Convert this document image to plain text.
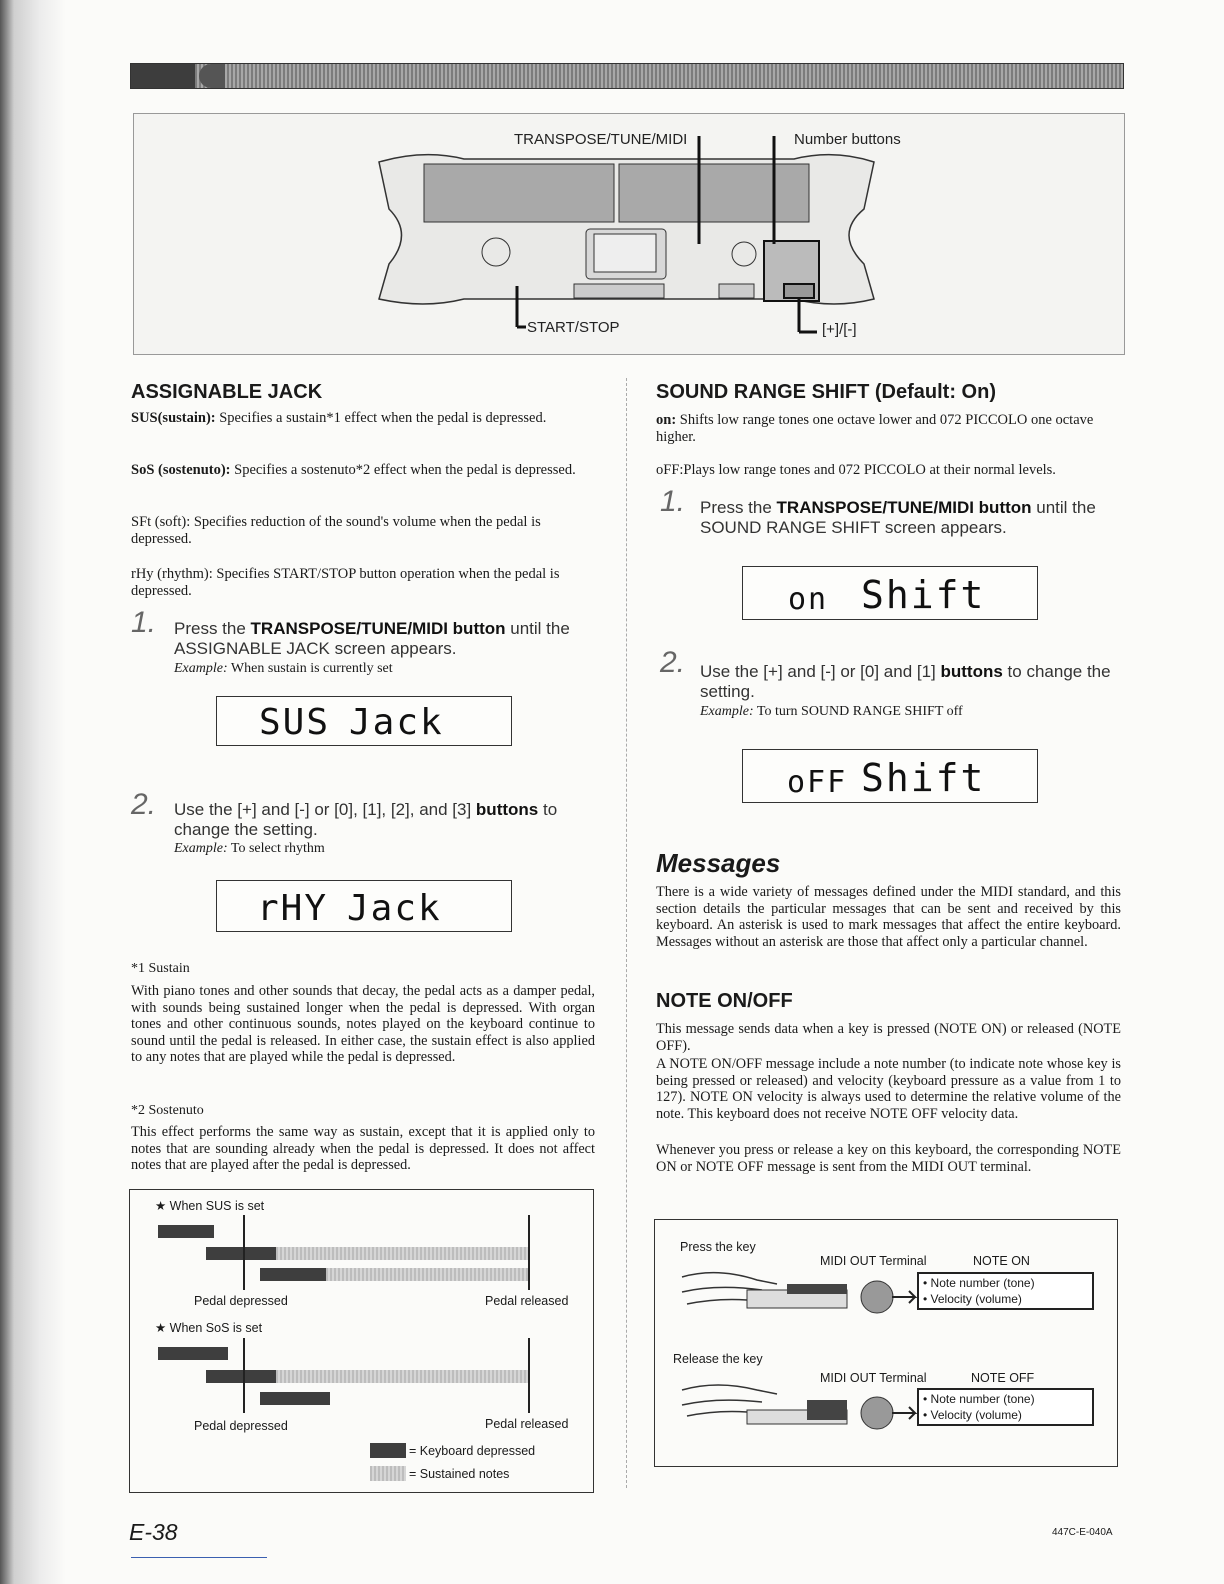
TRANSPOSE/TUNE/MIDI	Number buttons
START/STOP	[+]/[-]
ASSIGNABLE JACK
SUS(sustain): Specifies a sustain*1 effect when the pedal is depressed.
SoS (sostenuto): Specifies a sostenuto*2 effect when the pedal is depressed.
SFt (soft): Specifies reduction of the sound's volume when the pedal is depressed.
rHy (rhythm): Specifies START/STOP button operation when the pedal is depressed.
1. Press the TRANSPOSE/TUNE/MIDI button until the ASSIGNABLE JACK screen appears.
Example: When sustain is currently set
SUS Jack
2. Use the [+] and [-] or [0], [1], [2], and [3] buttons to change the setting.
Example: To select rhythm
rHY Jack
*1 Sustain
With piano tones and other sounds that decay, the pedal acts as a damper pedal, with sounds being sustained longer when the pedal is depressed. With organ tones and other continuous sounds, notes played on the keyboard continue to sound until the pedal is released. In either case, the sustain effect is also applied to any notes that are played while the pedal is depressed.
*2 Sostenuto
This effect performs the same way as sustain, except that it is applied only to notes that are sounding already when the pedal is depressed. It does not affect notes that are played after the pedal is depressed.
★ When SUS is set
Pedal depressed	Pedal released
★ When SoS is set
Pedal depressed	Pedal released
= Keyboard depressed
= Sustained notes
SOUND RANGE SHIFT (Default: On)
on: Shifts low range tones one octave lower and 072 PICCOLO one octave higher.
oFF:Plays low range tones and 072 PICCOLO at their normal levels.
1. Press the TRANSPOSE/TUNE/MIDI button until the SOUND RANGE SHIFT screen appears.
on Shift
2. Use the [+] and [-] or [0] and [1] buttons to change the setting.
Example: To turn SOUND RANGE SHIFT off
oFF Shift
Messages
There is a wide variety of messages defined under the MIDI standard, and this section details the particular messages that can be sent and received by this keyboard. An asterisk is used to mark messages that affect the entire keyboard. Messages without an asterisk are those that affect only a particular channel.
NOTE ON/OFF
This message sends data when a key is pressed (NOTE ON) or released (NOTE OFF).
A NOTE ON/OFF message include a note number (to indicate note whose key is being pressed or released) and velocity (keyboard pressure as a value from 1 to 127). NOTE ON velocity is always used to determine the relative volume of the note. This keyboard does not receive NOTE OFF velocity data.
Whenever you press or release a key on this keyboard, the corresponding NOTE ON or NOTE OFF message is sent from the MIDI OUT terminal.
Press the key
MIDI OUT Terminal	NOTE ON
• Note number (tone)
• Velocity (volume)
Release the key
MIDI OUT Terminal	NOTE OFF
• Note number (tone)
• Velocity (volume)
E-38	447C-E-040A
